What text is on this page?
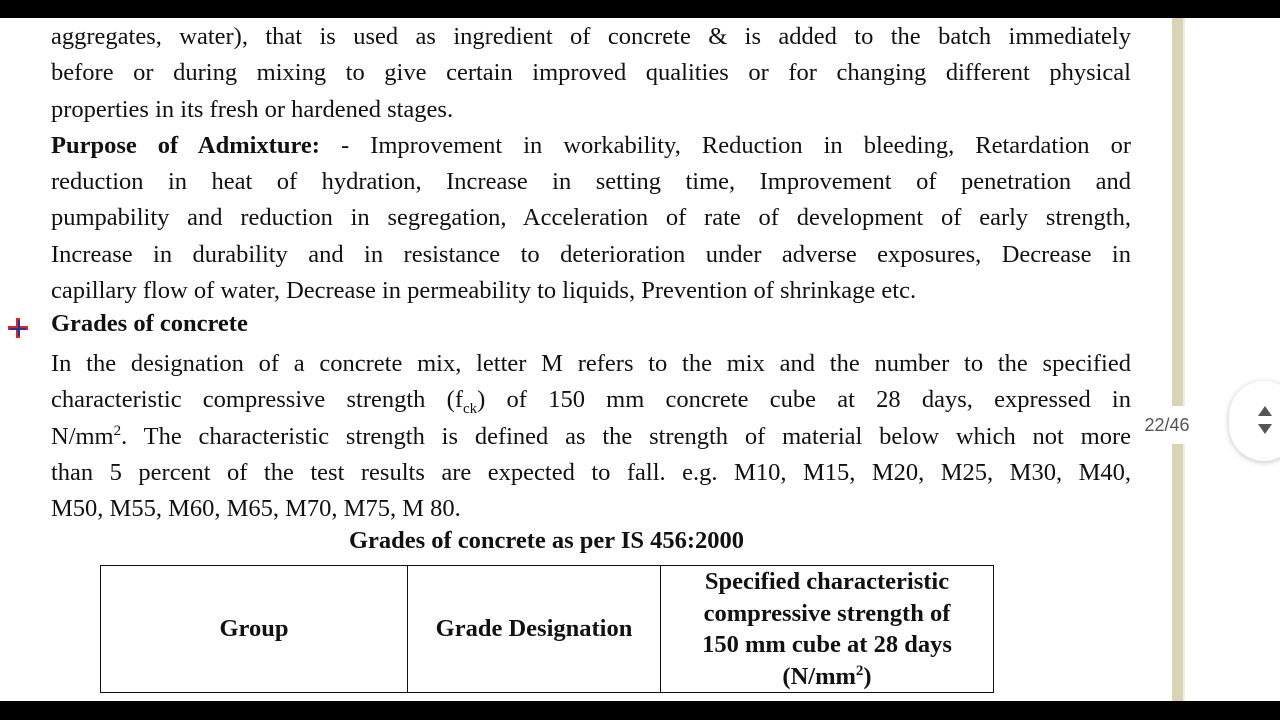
aggregates, water), that is used as ingredient of concrete & is added to the batch immediately
before or during mixing to give certain improved qualities or for changing different physical
properties in its fresh or hardened stages.
Purpose of Admixture: - Improvement in workability, Reduction in bleeding, Retardation or
reduction in heat of hydration, Increase in setting time, Improvement of penetration and
pumpability and reduction in segregation, Acceleration of rate of development of early strength,
Increase in durability and in resistance to deterioration under adverse exposures, Decrease in
capillary flow of water, Decrease in permeability to liquids, Prevention of shrinkage etc.
Grades of concrete
In the designation of a concrete mix, letter M refers to the mix and the number to the specified
characteristic compressive strength $(f_{ck})$ of 150 mm concrete cube at 28 days, expressed in
$N/mm^2$. The characteristic strength is defined as the strength of material below which not more
than 5 percent of the test results are expected to fall. e.g. M10, M15, M20, M25, M30, M40,
M50, M55, M60, M65, M70, M75, M 80.
Grades of concrete as per IS 456:2000
Group	Grade Designation	Specified characteristic
compressive strength of
150 mm cube at 28 days
$(N/mm^2)$
22/46
